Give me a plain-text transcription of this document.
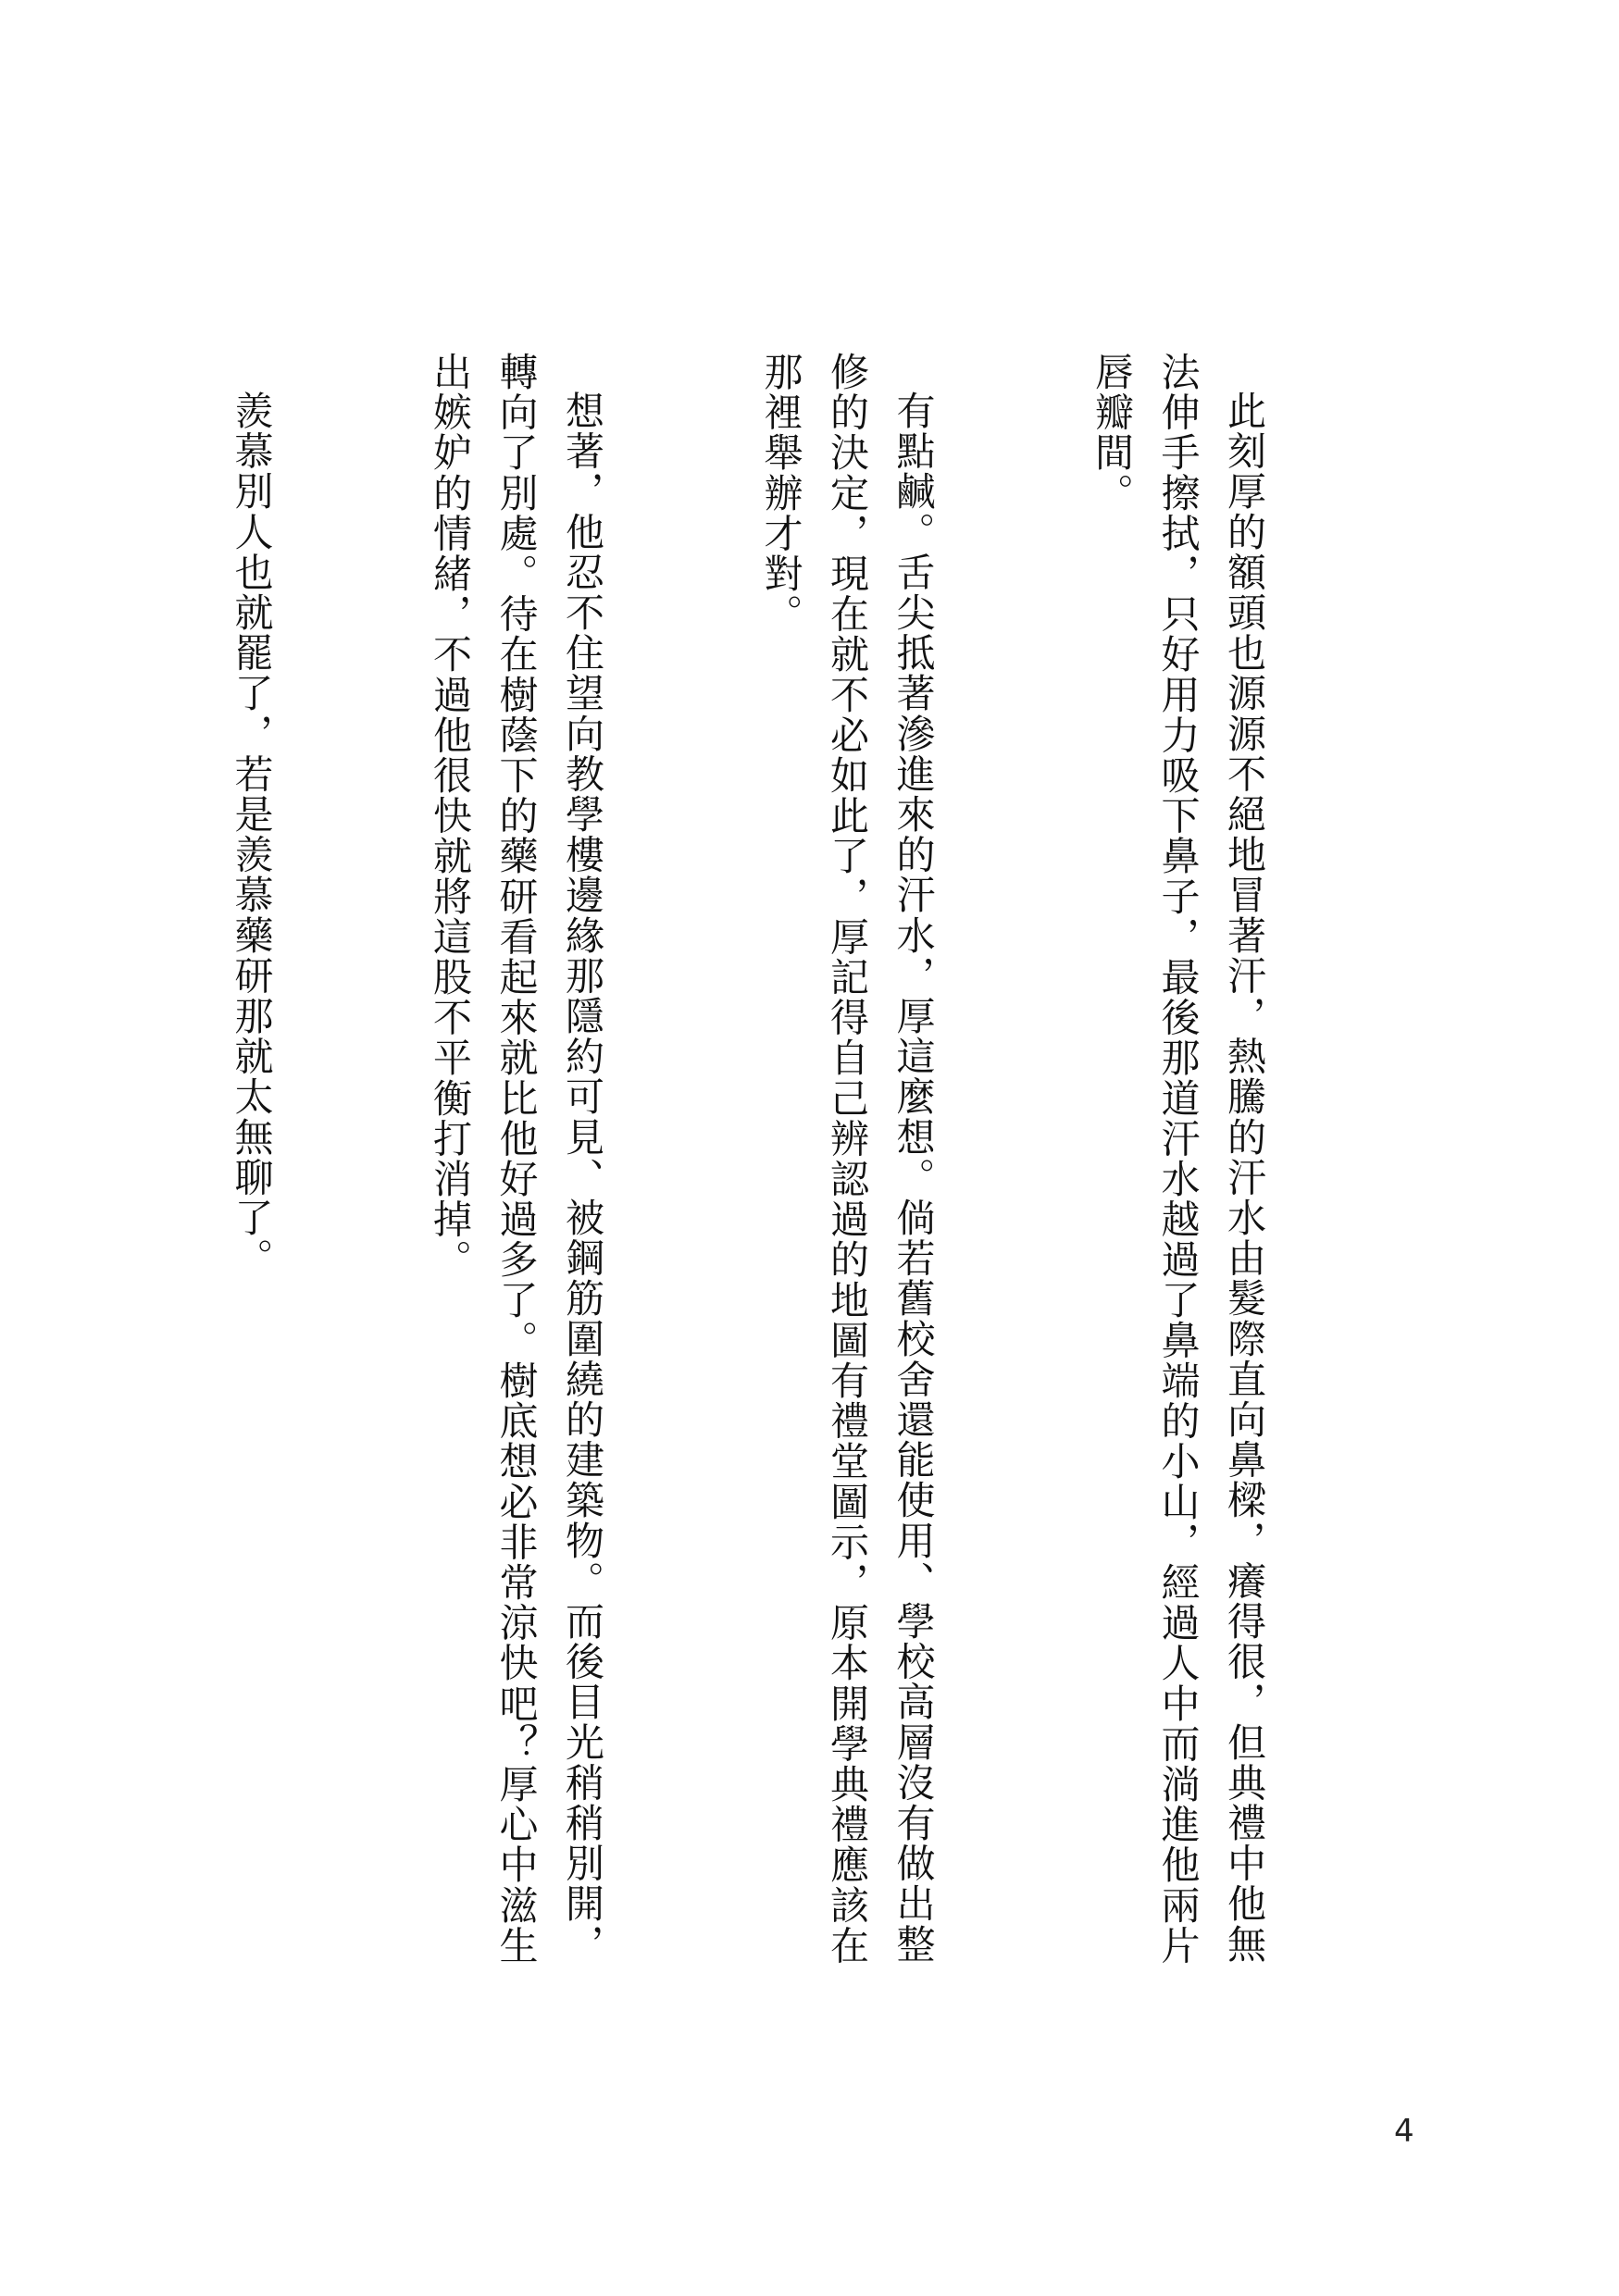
此刻厚的額頭也源源不絕地冒著汗，熱騰的汗水由髮際直向鼻樑，癢得很，但典禮中他無法伸手擦拭，只好用力吸下鼻子，最後那道汗水越過了鼻端的小山，經過人中而淌進他兩片唇瓣間。

有點鹹。舌尖抵著滲進來的汗水，厚這麼想。倘若舊校舍還能使用、學校高層沒有做出整修的決定，現在就不必如此了，厚記得自己辨認過的地圖有禮堂圖示，原本開學典禮應該在那裡舉辦才對。

想著，他忍不住望向教學樓邊緣那隱約可見、被鋼筋圍繞的建築物。而後目光稍稍別開，轉向了別處。待在樹蔭下的藥研看起來就比他好過多了。樹底想必非常涼快吧？厚心中滋生出嫉妒的情緒，不過他很快就將這股不平衡打消掉。

羨慕別人也就罷了，若是羨慕藥研那就太無聊了。

4
